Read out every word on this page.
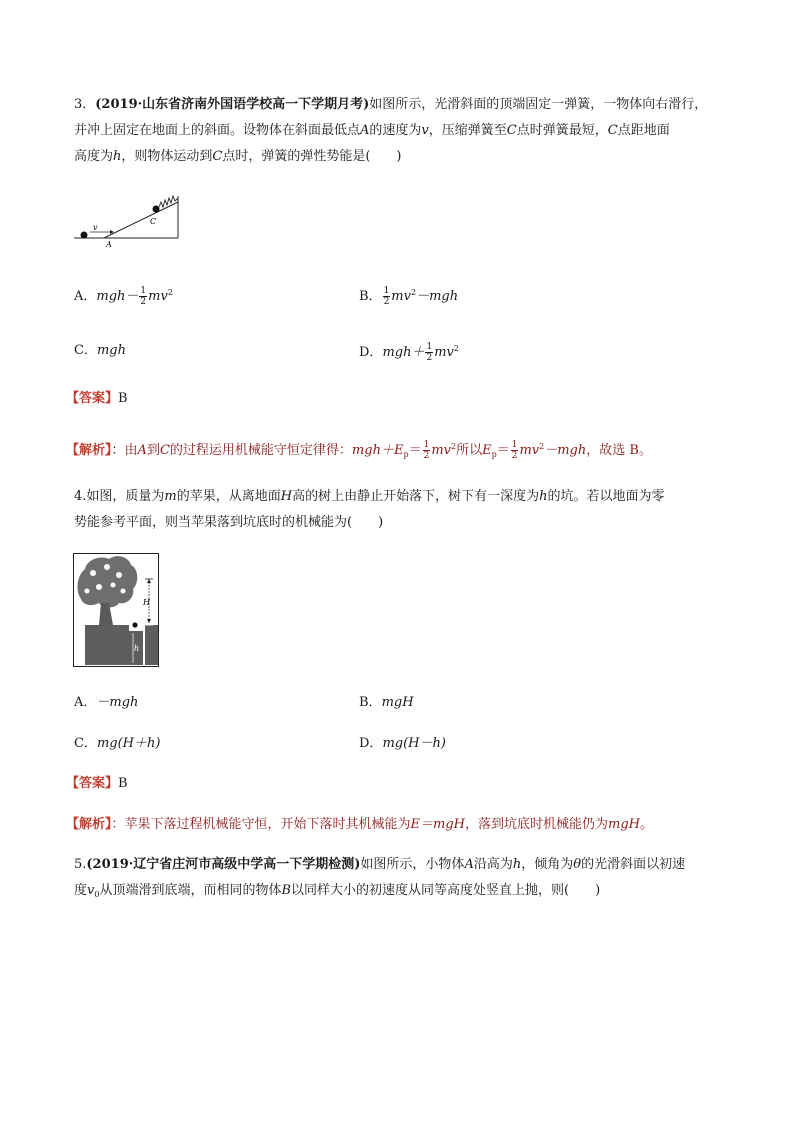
3．(2019·山东省济南外国语学校高一下学期月考)如图所示，光滑斜面的顶端固定一弹簧，一物体向右滑行，
并冲上固定在地面上的斜面。设物体在斜面最低点A的速度为v，压缩弹簧至C点时弹簧最短，C点距地面
高度为h，则物体运动到C点时，弹簧的弹性势能是(　　)
v
A
C
A．$mgh- \frac{1}{2} mv^2$	B． $\frac{1}{2} mv^2-mgh$
C．mgh	D．$mgh+ \frac{1}{2} mv^2$
【答案】B
【解析】：由A到C的过程运用机械能守恒定律得：$mgh+E_p= \frac{1}{2} mv^2$所以$E_p= \frac{1}{2} mv^2-mgh$，故选 B。
4.如图，质量为m的苹果，从离地面H高的树上由静止开始落下，树下有一深度为h的坑。若以地面为零
势能参考平面，则当苹果落到坑底时的机械能为(　　)
H
h
A．－mgh	B．mgH
C．mg(H＋h)	D．mg(H－h)
【答案】B
【解析】：苹果下落过程机械能守恒，开始下落时其机械能为E＝mgH，落到坑底时机械能仍为mgH。
5.(2019·辽宁省庄河市高级中学高一下学期检测)如图所示，小物体A沿高为h，倾角为θ的光滑斜面以初速
度$v_0$从顶端滑到底端，而相同的物体B以同样大小的初速度从同等高度处竖直上抛，则(　　)
